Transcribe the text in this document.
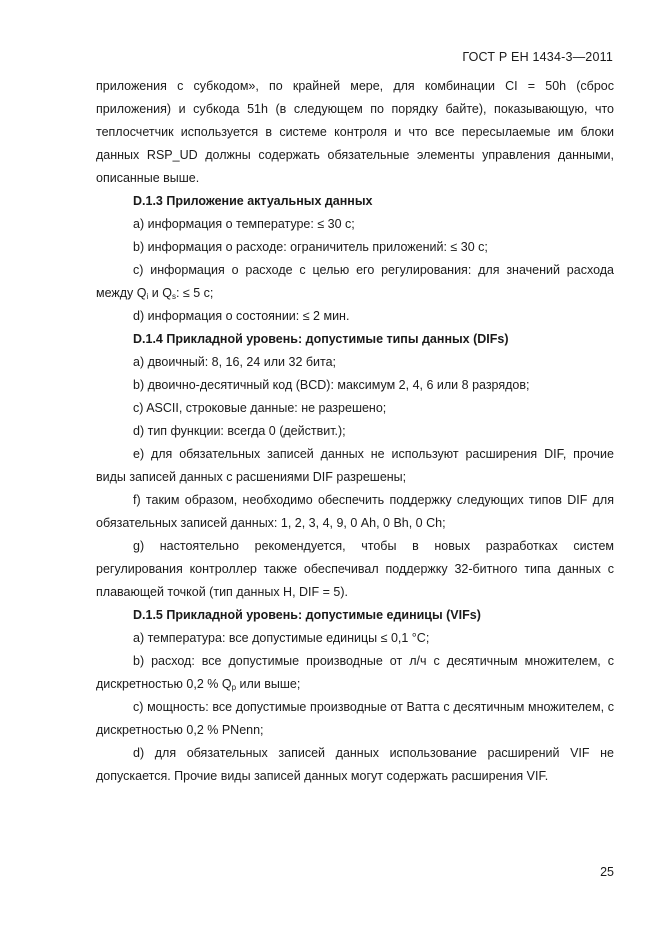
ГОСТ Р ЕН 1434-3—2011

приложения с субкодом», по крайней мере, для комбинации CI = 50h (сброс приложения) и субкода 51h (в следующем по порядку байте), показывающую, что теплосчетчик используется в системе контроля и что все пересылаемые им блоки данных RSP_UD должны содержать обязательные элементы управления данными, описанные выше.

D.1.3 Приложение актуальных данных

a) информация о температуре: ≤ 30 с;

b) информация о расходе: ограничитель приложений: ≤ 30 с;

c) информация о расходе с целью его регулирования: для значений расхода между $Q_i$ и $Q_s$: ≤ 5 с;

d) информация о состоянии: ≤ 2 мин.

D.1.4 Прикладной уровень: допустимые типы данных (DIFs)

a) двоичный: 8, 16, 24 или 32 бита;

b) двоично-десятичный код (BCD): максимум 2, 4, 6 или 8 разрядов;

c) ASCII, строковые данные: не разрешено;

d) тип функции: всегда 0 (действит.);

e) для обязательных записей данных не используют расширения DIF, прочие виды записей данных с расшениями DIF разрешены;

f) таким образом, необходимо обеспечить поддержку следующих типов DIF для обязательных записей данных: 1, 2, 3, 4, 9, 0 Ah, 0 Bh, 0 Ch;

g) настоятельно рекомендуется, чтобы в новых разработках систем регулирования контроллер также обеспечивал поддержку 32-битного типа данных с плавающей точкой (тип данных H, DIF = 5).

D.1.5 Прикладной уровень: допустимые единицы (VIFs)

a) температура: все допустимые единицы ≤ 0,1 °C;

b) расход: все допустимые производные от л/ч с десятичным множителем, с дискретностью 0,2 % $Q_p$ или выше;

c) мощность: все допустимые производные от Ватта с десятичным множителем, с дискретностью 0,2 % PNenn;

d) для обязательных записей данных использование расширений VIF не допускается. Прочие виды записей данных могут содержать расширения VIF.

25
